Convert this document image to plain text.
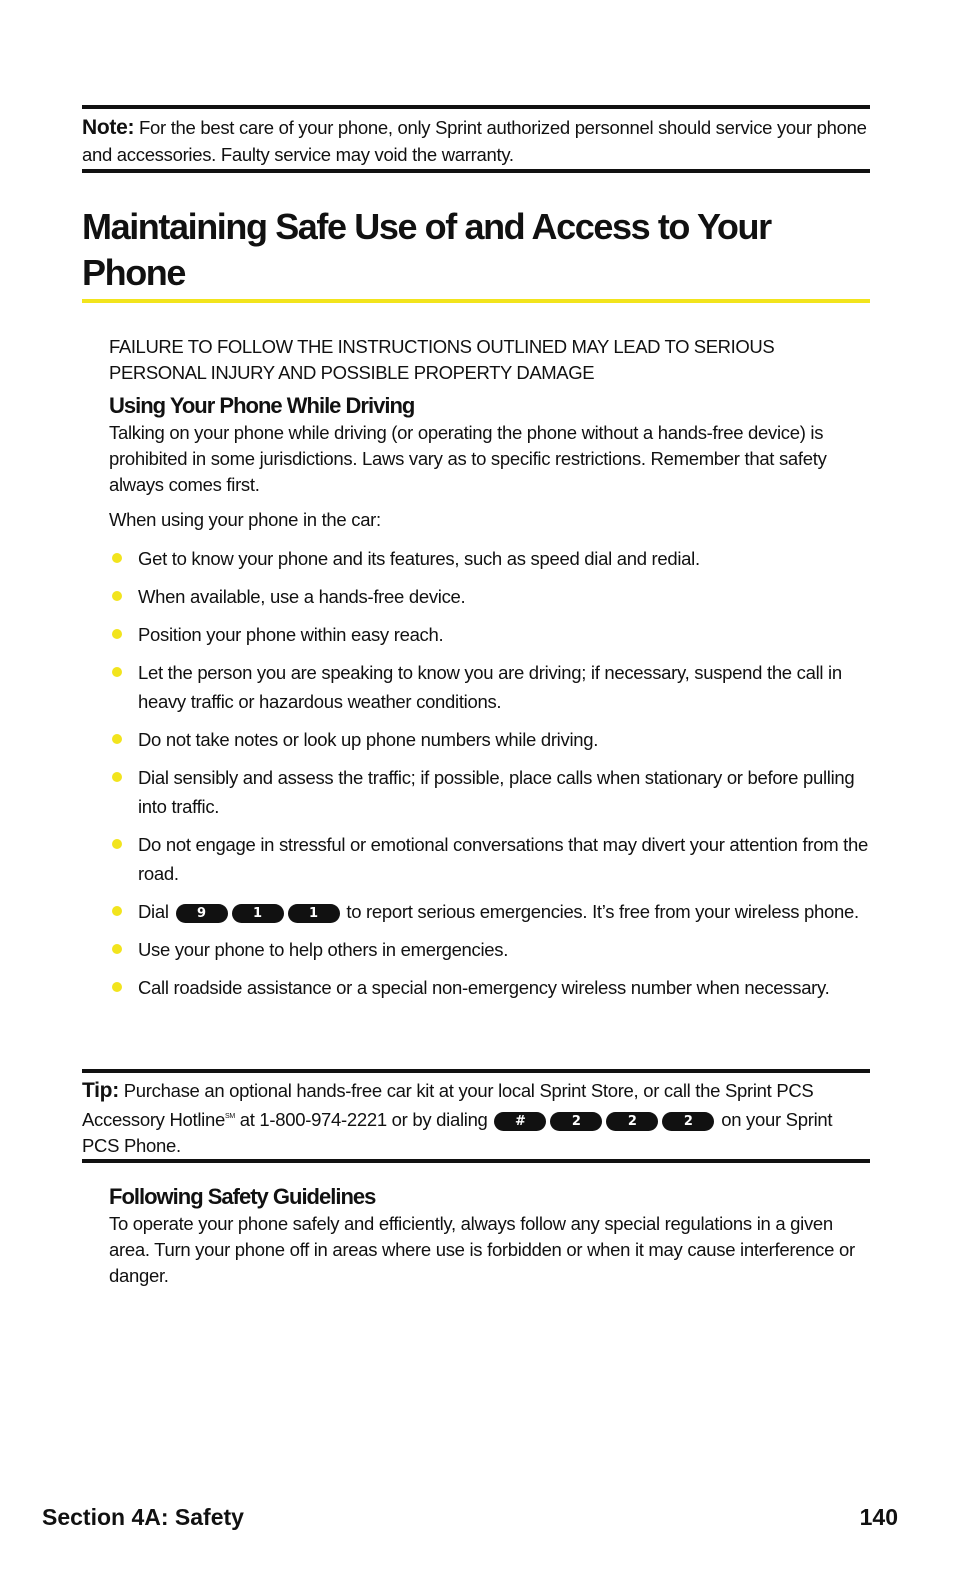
Note: For the best care of your phone, only Sprint authorized personnel should service your phone and accessories. Faulty service may void the warranty.
Maintaining Safe Use of and Access to Your Phone
FAILURE TO FOLLOW THE INSTRUCTIONS OUTLINED MAY LEAD TO SERIOUS PERSONAL INJURY AND POSSIBLE PROPERTY DAMAGE
Using Your Phone While Driving
Talking on your phone while driving (or operating the phone without a hands-free device) is prohibited in some jurisdictions. Laws vary as to specific restrictions. Remember that safety always comes first.
When using your phone in the car:
Get to know your phone and its features, such as speed dial and redial.
When available, use a hands-free device.
Position your phone within easy reach.
Let the person you are speaking to know you are driving; if necessary, suspend the call in heavy traffic or hazardous weather conditions.
Do not take notes or look up phone numbers while driving.
Dial sensibly and assess the traffic; if possible, place calls when stationary or before pulling into traffic.
Do not engage in stressful or emotional conversations that may divert your attention from the road.
Dial 9	1	1 to report serious emergencies. It’s free from your wireless phone.
Use your phone to help others in emergencies.
Call roadside assistance or a special non-emergency wireless number when necessary.
Tip: Purchase an optional hands-free car kit at your local Sprint Store, or call the Sprint PCS Accessory Hotline℠ at 1-800-974-2221 or by dialing #	2	2	2 on your Sprint PCS Phone.
Following Safety Guidelines
To operate your phone safely and efficiently, always follow any special regulations in a given area. Turn your phone off in areas where use is forbidden or when it may cause interference or danger.
Section 4A: Safety	140
